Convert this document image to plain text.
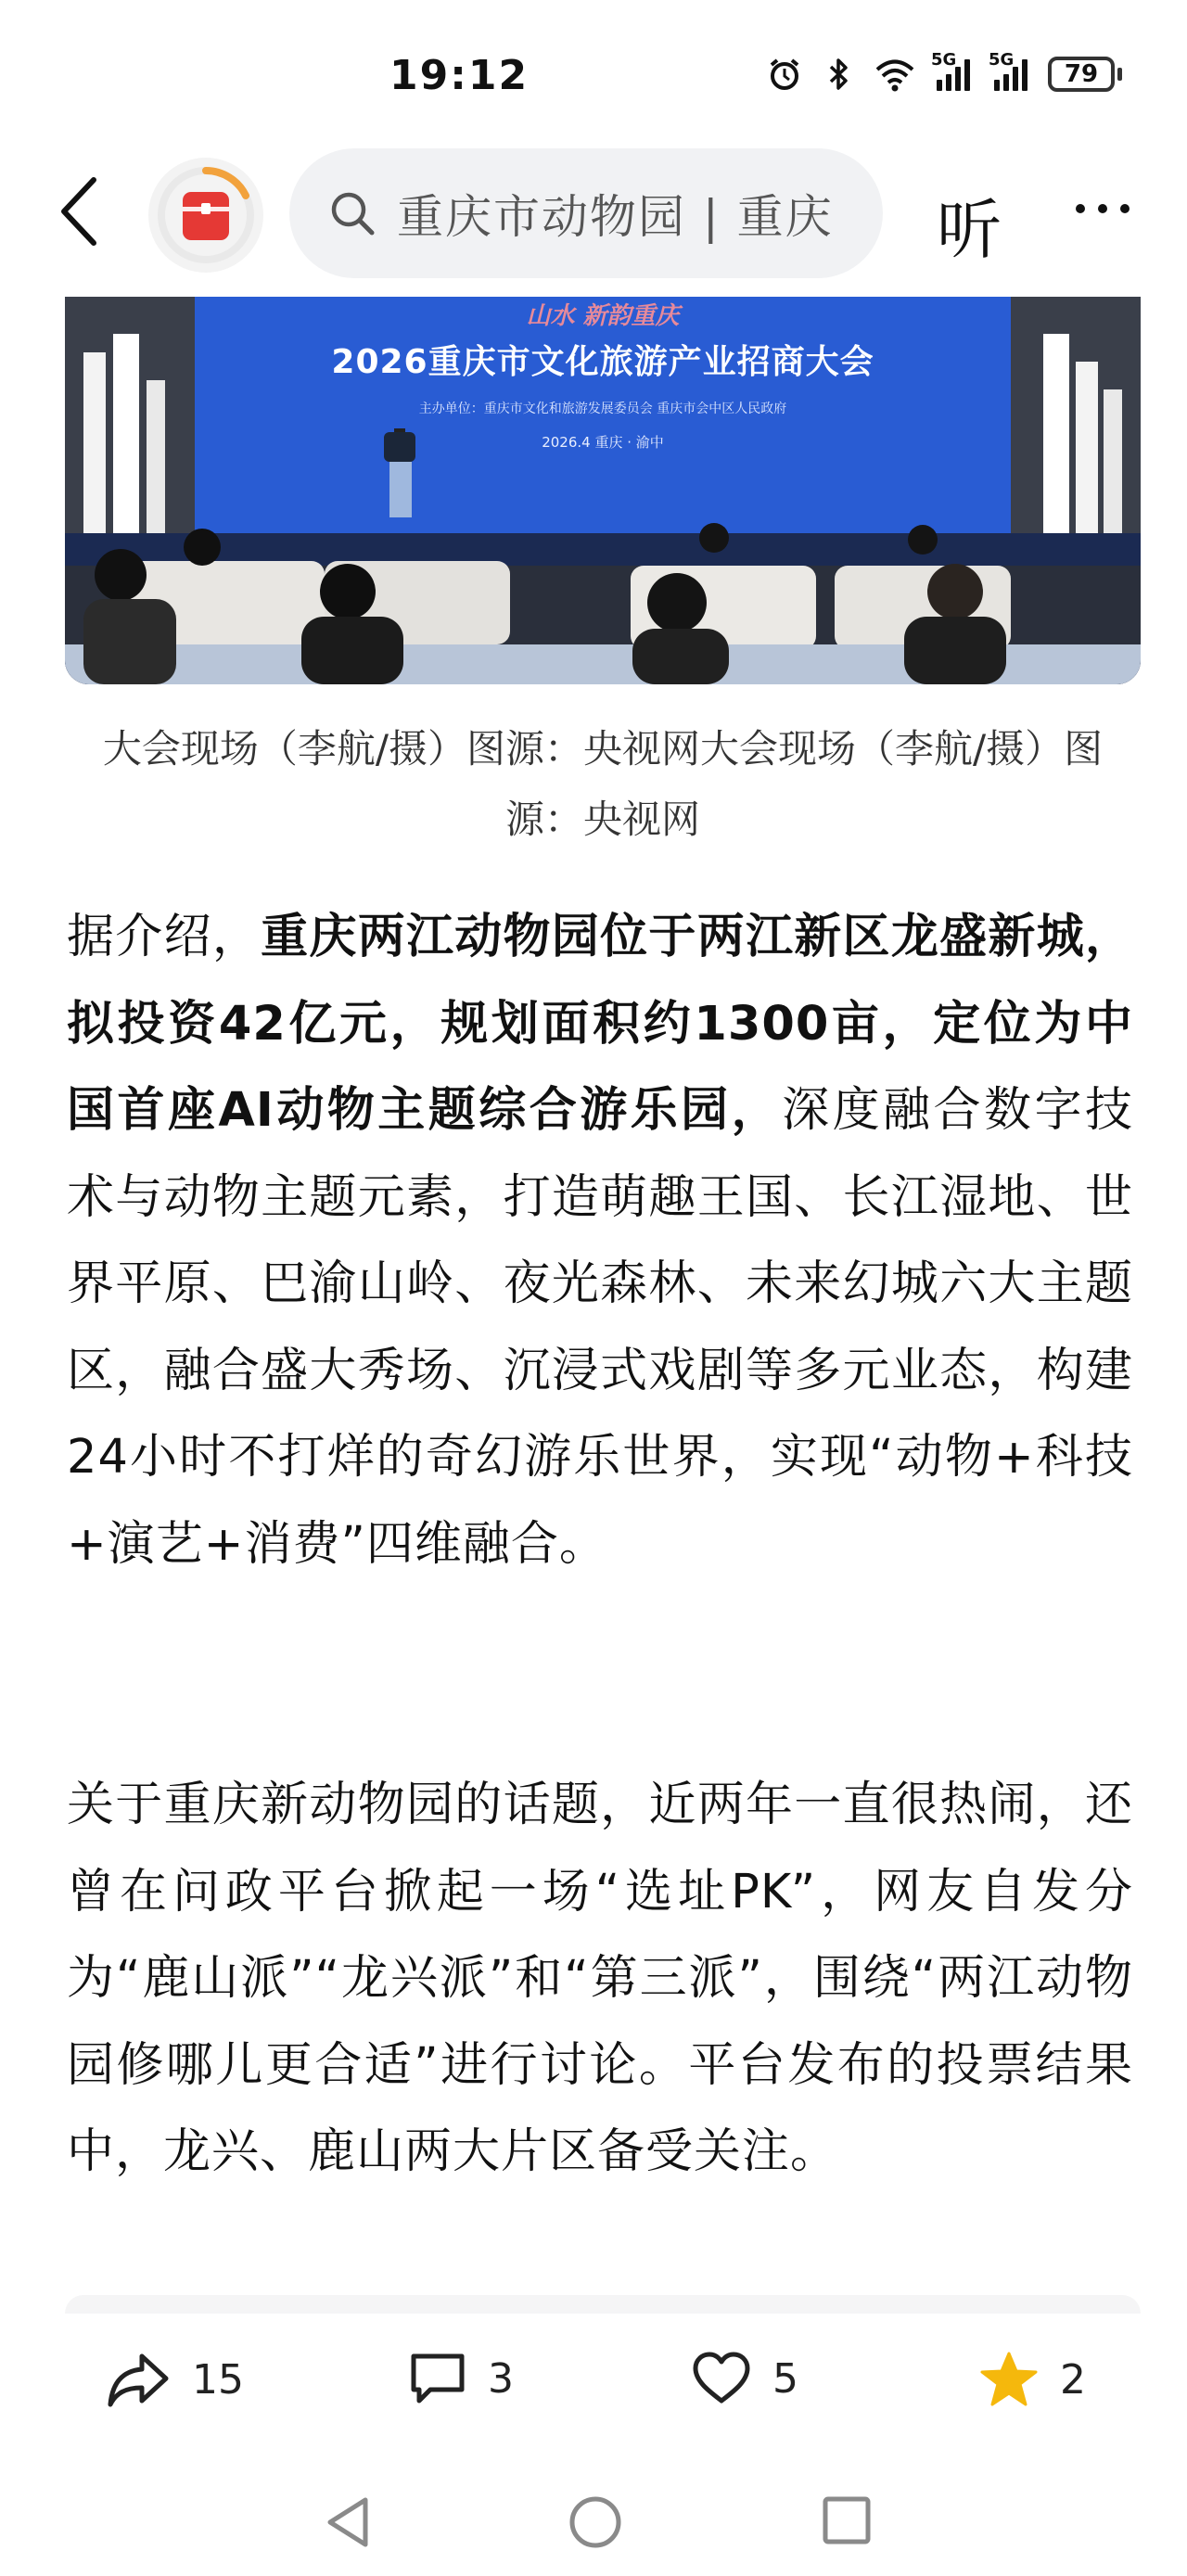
19:12	5G 5G
79
重庆市动物园 | 重庆 听
山水 新韵重庆
2026重庆市文化旅游产业招商大会
主办单位：重庆市文化和旅游发展委员会 重庆市会中区人民政府
2026.4 重庆 · 渝中
大会现场（李航/摄）图源：央视网大会现场（李航/摄）图源：央视网
据介绍，重庆两江动物园位于两江新区龙盛新城，拟投资42亿元，规划面积约1300亩，定位为中国首座AI动物主题综合游乐园，深度融合数字技术与动物主题元素，打造萌趣王国、长江湿地、世界平原、巴渝山岭、夜光森林、未来幻城六大主题区，融合盛大秀场、沉浸式戏剧等多元业态，构建24小时不打烊的奇幻游乐世界，实现“动物+科技+演艺+消费”四维融合。
关于重庆新动物园的话题，近两年一直很热闹，还曾在问政平台掀起一场“选址PK”，网友自发分为“鹿山派”“龙兴派”和“第三派”，围绕“两江动物园修哪儿更合适”进行讨论。平台发布的投票结果中，龙兴、鹿山两大片区备受关注。
15	3	5	2
